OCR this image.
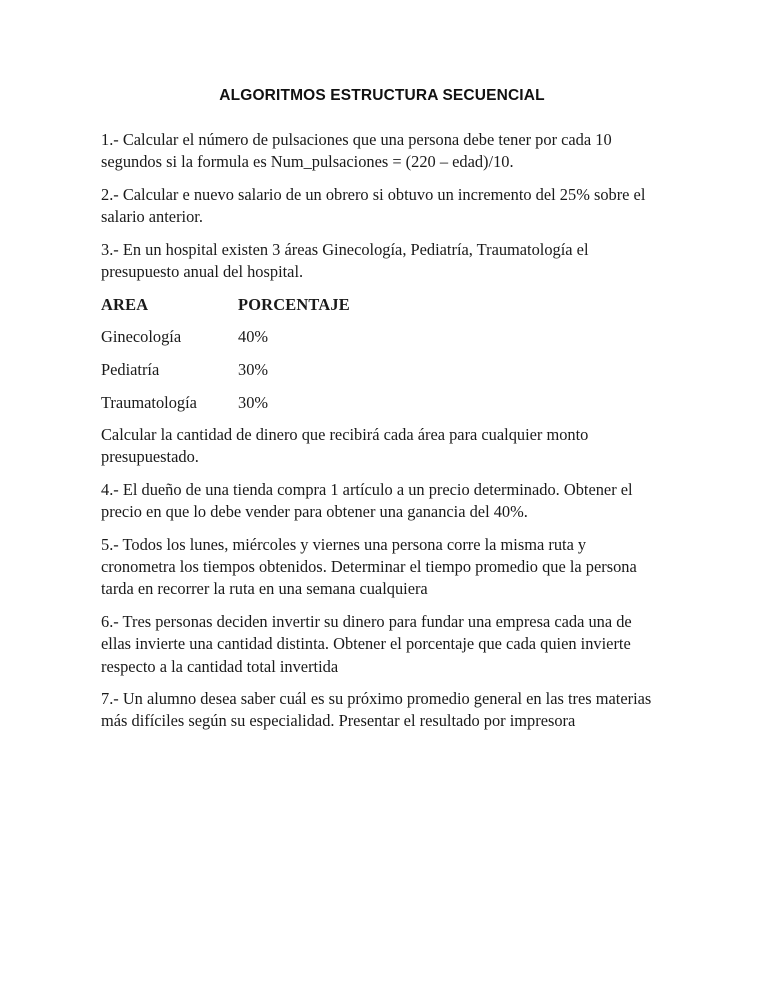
ALGORITMOS ESTRUCTURA SECUENCIAL

1.- Calcular el número de pulsaciones que una persona debe tener por cada 10 segundos si la formula es Num_pulsaciones = (220 – edad)/10.

2.- Calcular e nuevo salario de un obrero si obtuvo un incremento del 25% sobre el salario anterior.

3.- En un hospital existen 3 áreas Ginecología, Pediatría, Traumatología el presupuesto anual del hospital.

AREA	PORCENTAJE
Ginecología	40%
Pediatría	30%
Traumatología	30%

Calcular la cantidad de dinero que recibirá cada área para cualquier monto presupuestado.

4.- El dueño de una tienda compra 1 artículo a un precio determinado. Obtener el precio en que lo debe vender para obtener una ganancia del 40%.

5.- Todos los lunes, miércoles y viernes una persona corre la misma ruta y cronometra los tiempos obtenidos. Determinar el tiempo promedio que la persona tarda en recorrer la ruta en una semana cualquiera

6.- Tres personas deciden invertir su dinero para fundar una empresa cada una de ellas invierte una cantidad distinta. Obtener el porcentaje que cada quien invierte respecto a la cantidad total invertida

7.- Un alumno desea saber cuál es su próximo promedio general en las tres materias más difíciles según su especialidad. Presentar el resultado por impresora
